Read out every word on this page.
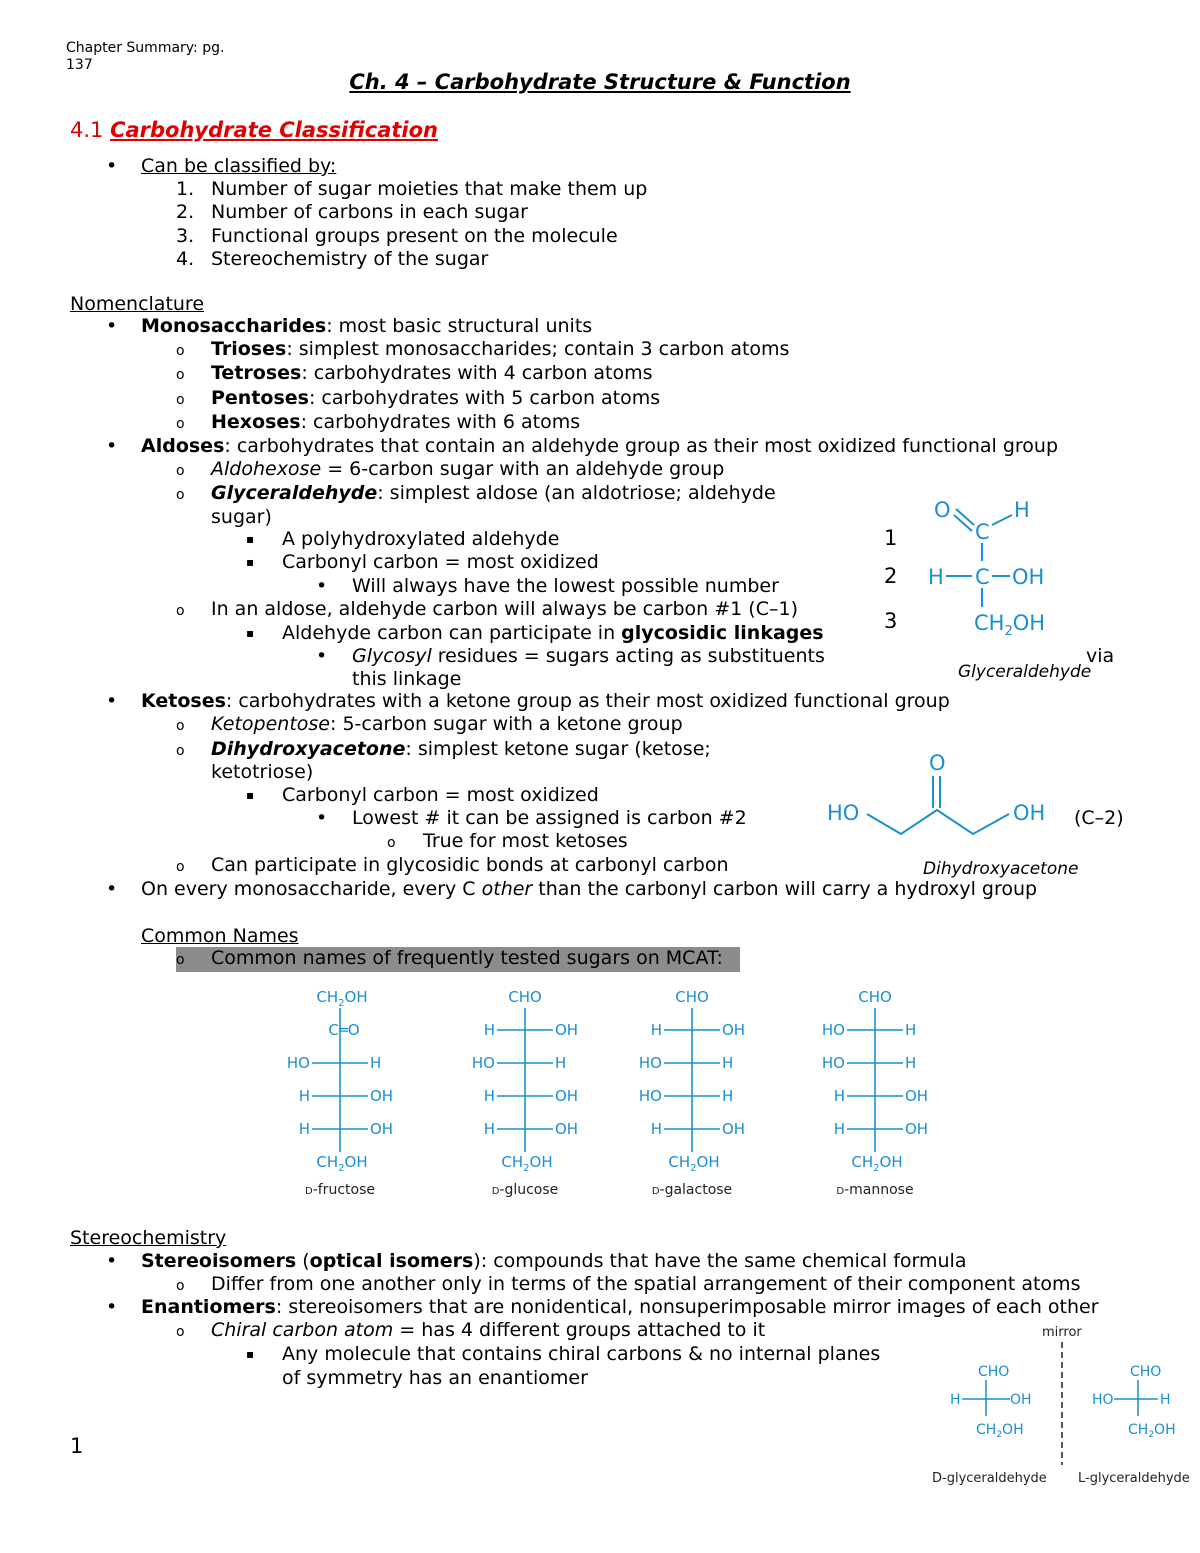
Chapter Summary: pg.
137
Ch. 4 – Carbohydrate Structure & Function
4.1 Carbohydrate Classification
• Can be classified by:
1. Number of sugar moieties that make them up
2. Number of carbons in each sugar
3. Functional groups present on the molecule
4. Stereochemistry of the sugar
Nomenclature
• Monosaccharides: most basic structural units
o Trioses: simplest monosaccharides; contain 3 carbon atoms
o Tetroses: carbohydrates with 4 carbon atoms
o Pentoses: carbohydrates with 5 carbon atoms
o Hexoses: carbohydrates with 6 atoms
• Aldoses: carbohydrates that contain an aldehyde group as their most oxidized functional group
o Aldohexose = 6-carbon sugar with an aldehyde group
o Glyceraldehyde: simplest aldose (an aldotriose; aldehyde
sugar)
▪ A polyhydroxylated aldehyde
▪ Carbonyl carbon = most oxidized
• Will always have the lowest possible number
o In an aldose, aldehyde carbon will always be carbon #1 (C–1)
▪ Aldehyde carbon can participate in glycosidic linkages
• Glycosyl residues = sugars acting as substituents	via
this linkage
• Ketoses: carbohydrates with a ketone group as their most oxidized functional group
o Ketopentose: 5-carbon sugar with a ketone group
o Dihydroxyacetone: simplest ketone sugar (ketose;
ketotriose)
▪ Carbonyl carbon = most oxidized
• Lowest # it can be assigned is carbon #2	(C–2)
o True for most ketoses
o Can participate in glycosidic bonds at carbonyl carbon
• On every monosaccharide, every C other than the carbonyl carbon will carry a hydroxyl group
Common Names
o Common names of frequently tested sugars on MCAT:
1
2
3
O
C
H
H C OH
$CH_2OH$
Glyceraldehyde
O
HO	OH
Dihydroxyacetone
$CH_2OH$
C═O
HO	H
H	OH
H	OH
$CH_2OH$
D-fructose
CHO
H	OH
HO	H
H	OH
H	OH
$CH_2OH$
D-glucose
CHO
H	OH
HO	H
HO	H
H	OH
$CH_2OH$
D-galactose
CHO
HO	H
HO	H
H	OH
H	OH
$CH_2OH$
D-mannose
Stereochemistry
• Stereoisomers (optical isomers): compounds that have the same chemical formula
o Differ from one another only in terms of the spatial arrangement of their component atoms
• Enantiomers: stereoisomers that are nonidentical, nonsuperimposable mirror images of each other
o Chiral carbon atom = has 4 different groups attached to it
▪ Any molecule that contains chiral carbons & no internal planes
of symmetry has an enantiomer
mirror
CHO
H	OH
$CH_2OH$
CHO
HO	H
$CH_2OH$
D-glyceraldehyde L-glyceraldehyde
1
